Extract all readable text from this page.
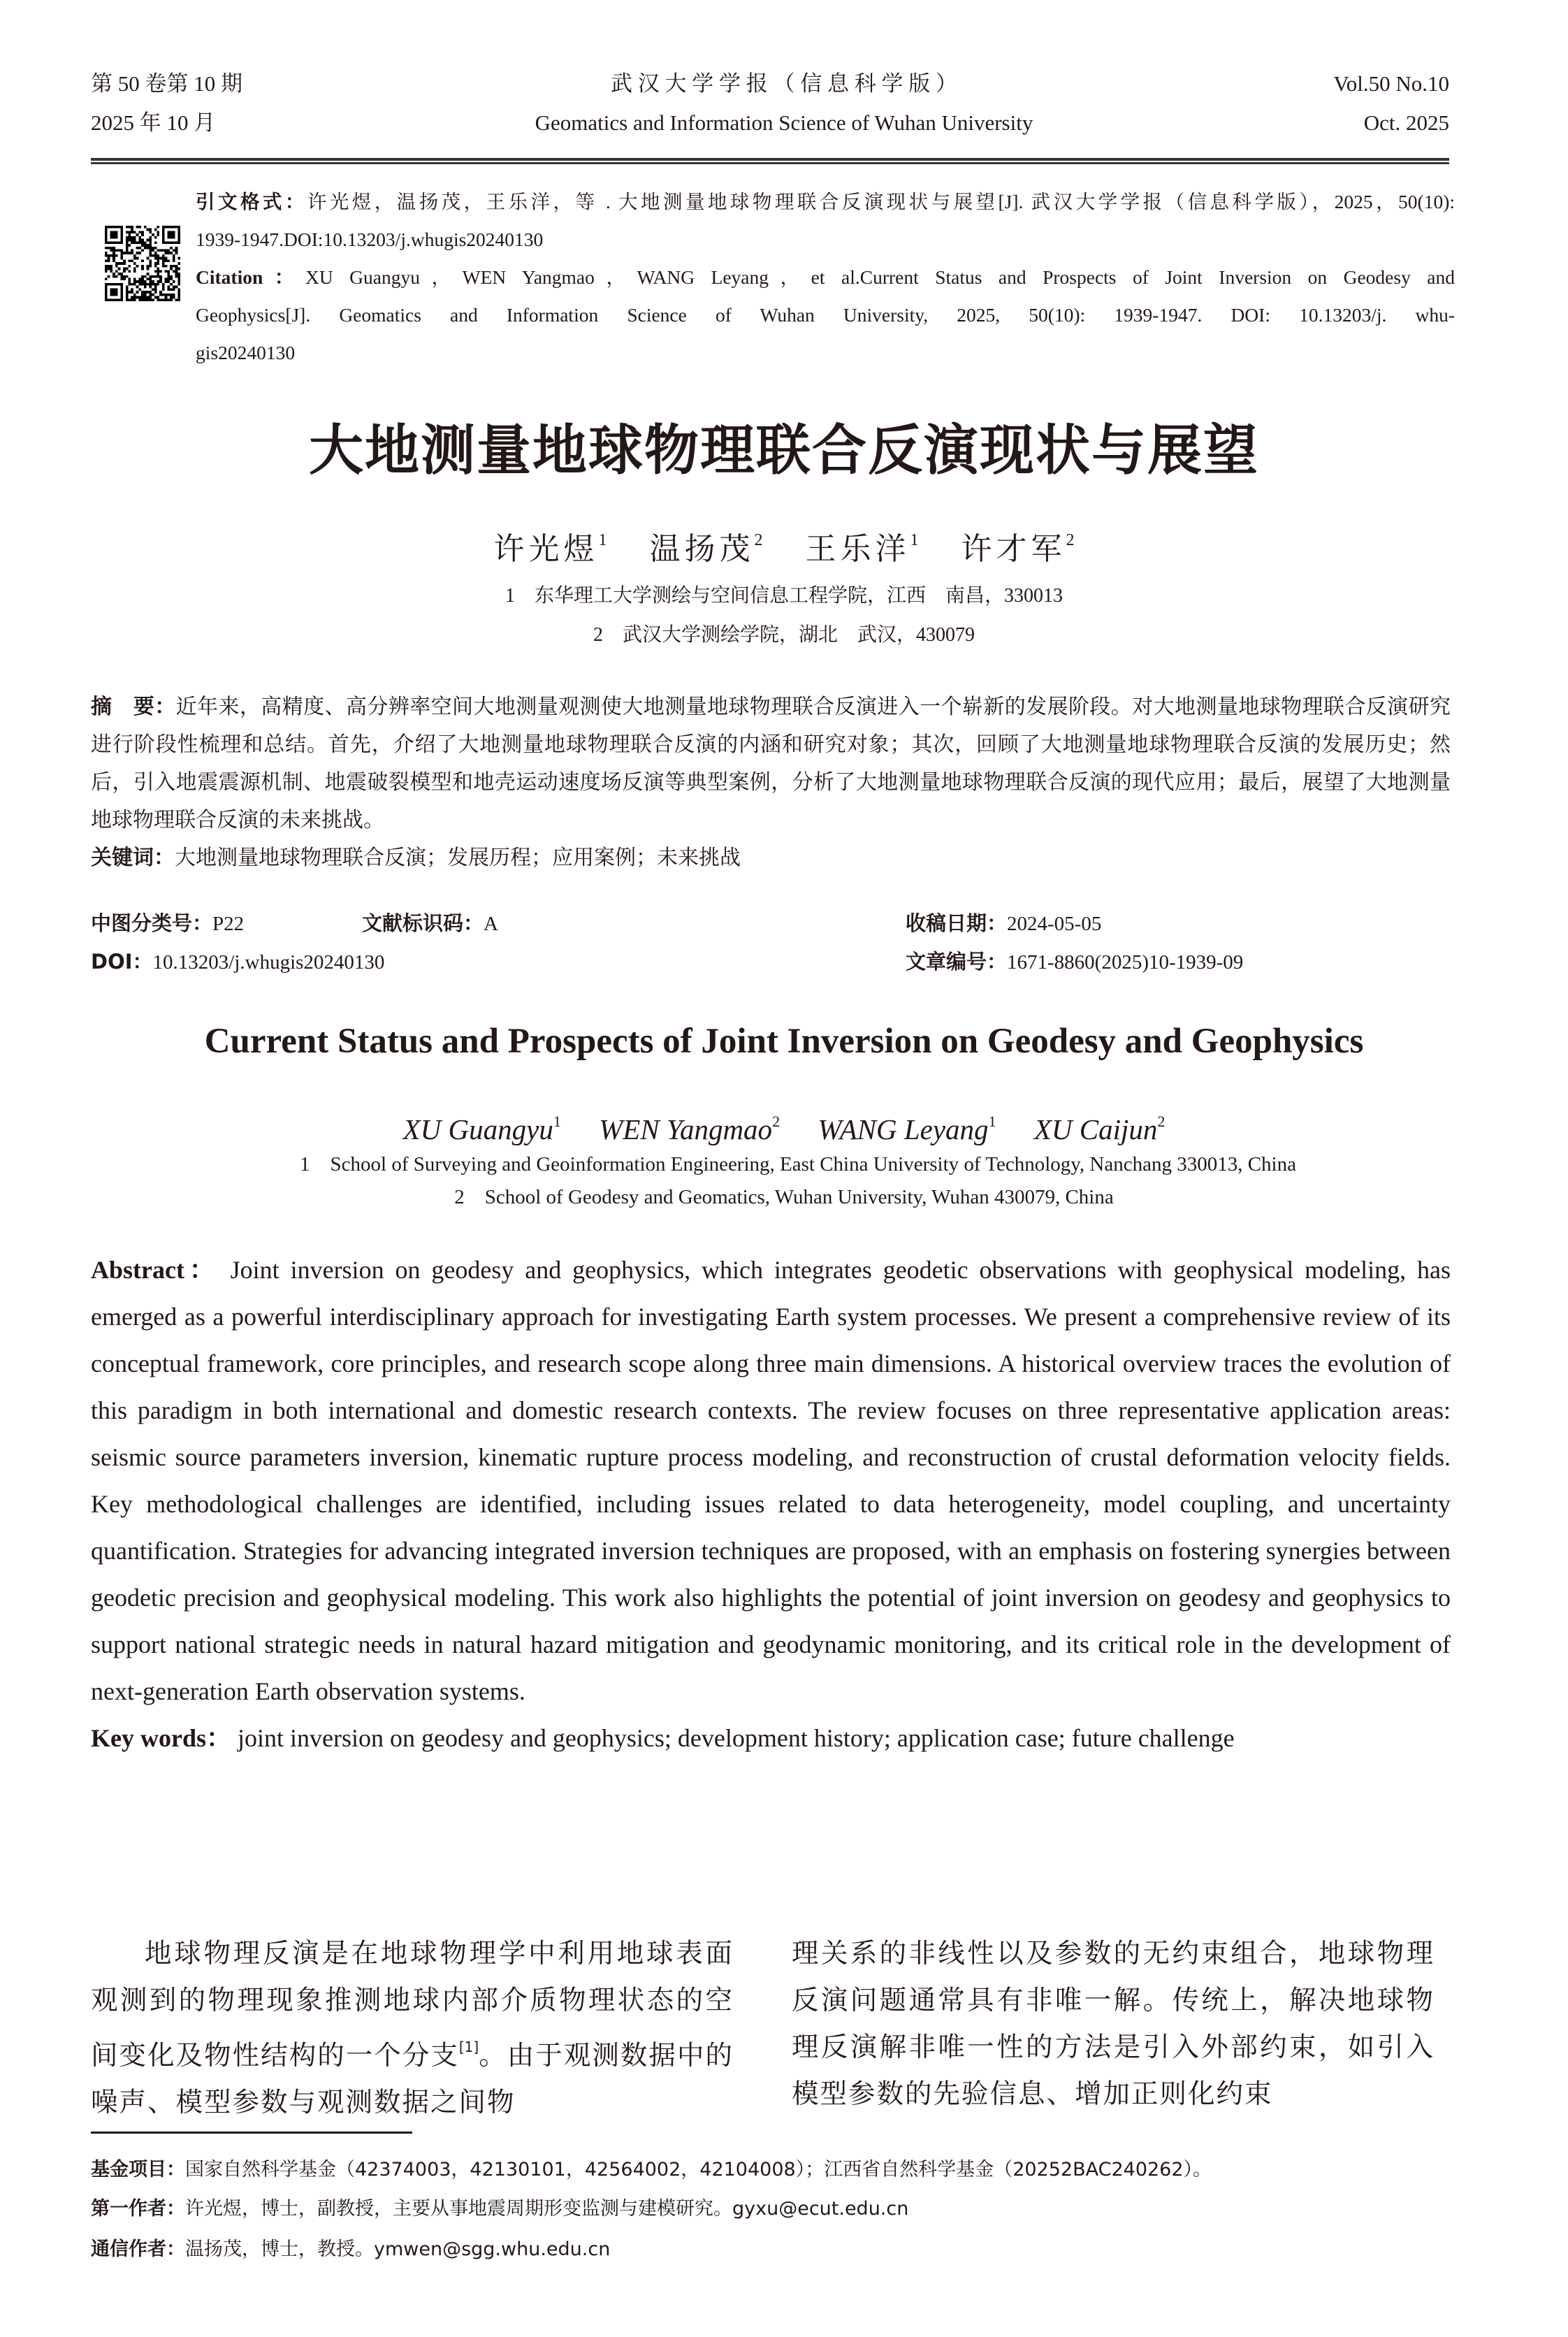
第 50 卷第 10 期
2025 年 10 月
武 汉 大 学 学 报 （ 信 息 科 学 版 ）
Geomatics and Information Science of Wuhan University
Vol.50 No.10
Oct. 2025
引文格式：许光煜，温扬茂，王乐洋，等 . 大地测量地球物理联合反演现状与展望[J]. 武汉大学学报（信息科学版），2025，50(10):
1939-1947.DOI:10.13203/j.whugis20240130
Citation：XU Guangyu，WEN Yangmao，WANG Leyang，et al.Current Status and Prospects of Joint Inversion on Geodesy and
Geophysics[J]. Geomatics and Information Science of Wuhan University, 2025, 50(10): 1939-1947. DOI: 10.13203/j. whu-
gis20240130
大地测量地球物理联合反演现状与展望
许光煜$^1$ 温扬茂$^2$ 王乐洋$^1$ 许才军$^2$
1　东华理工大学测绘与空间信息工程学院，江西　南昌，330013
2　武汉大学测绘学院，湖北　武汉，430079
摘　要：近年来，高精度、高分辨率空间大地测量观测使大地测量地球物理联合反演进入一个崭新的发展阶段。对大地测量地球物理联合反演研究进行阶段性梳理和总结。首先，介绍了大地测量地球物理联合反演的内涵和研究对象；其次，回顾了大地测量地球物理联合反演的发展历史；然后，引入地震震源机制、地震破裂模型和地壳运动速度场反演等典型案例，分析了大地测量地球物理联合反演的现代应用；最后，展望了大地测量地球物理联合反演的未来挑战。
关键词：大地测量地球物理联合反演；发展历程；应用案例；未来挑战
中图分类号：P22	文献标识码：A	收稿日期：2024-05-05
DOI：10.13203/j.whugis20240130	文章编号：1671-8860(2025)10-1939-09
Current Status and Prospects of Joint Inversion on Geodesy and Geophysics
XU Guangyu$^1$ WEN Yangmao$^2$ WANG Leyang$^1$ XU Caijun$^2$
1　School of Surveying and Geoinformation Engineering, East China University of Technology, Nanchang 330013, China
2　School of Geodesy and Geomatics, Wuhan University, Wuhan 430079, China
Abstract： Joint inversion on geodesy and geophysics, which integrates geodetic observations with geophysical modeling, has emerged as a powerful interdisciplinary approach for investigating Earth system processes. We present a comprehensive review of its conceptual framework, core principles, and research scope along three main dimensions. A historical overview traces the evolution of this paradigm in both international and domestic research contexts. The review focuses on three representative application areas: seismic source parameters inversion, kinematic rupture process modeling, and reconstruction of crustal deformation velocity fields. Key methodological challenges are identified, including issues related to data heterogeneity, model coupling, and uncertainty quantification. Strategies for advancing integrated inversion techniques are proposed, with an emphasis on fostering synergies between geodetic precision and geophysical modeling. This work also highlights the potential of joint inversion on geodesy and geophysics to support national strategic needs in natural hazard mitigation and geodynamic monitoring, and its critical role in the development of next-generation Earth observation systems.
Key words： joint inversion on geodesy and geophysics; development history; application case; future challenge

地球物理反演是在地球物理学中利用地球表面观测到的物理现象推测地球内部介质物理状态的空间变化及物性结构的一个分支[1]。由于观测数据中的噪声、模型参数与观测数据之间物

理关系的非线性以及参数的无约束组合，地球物理反演问题通常具有非唯一解。传统上，解决地球物理反演解非唯一性的方法是引入外部约束，如引入模型参数的先验信息、增加正则化约束

基金项目：国家自然科学基金（42374003，42130101，42564002，42104008）；江西省自然科学基金（20252BAC240262）。
第一作者：许光煜，博士，副教授，主要从事地震周期形变监测与建模研究。gyxu@ecut.edu.cn
通信作者：温扬茂，博士，教授。ymwen@sgg.whu.edu.cn
